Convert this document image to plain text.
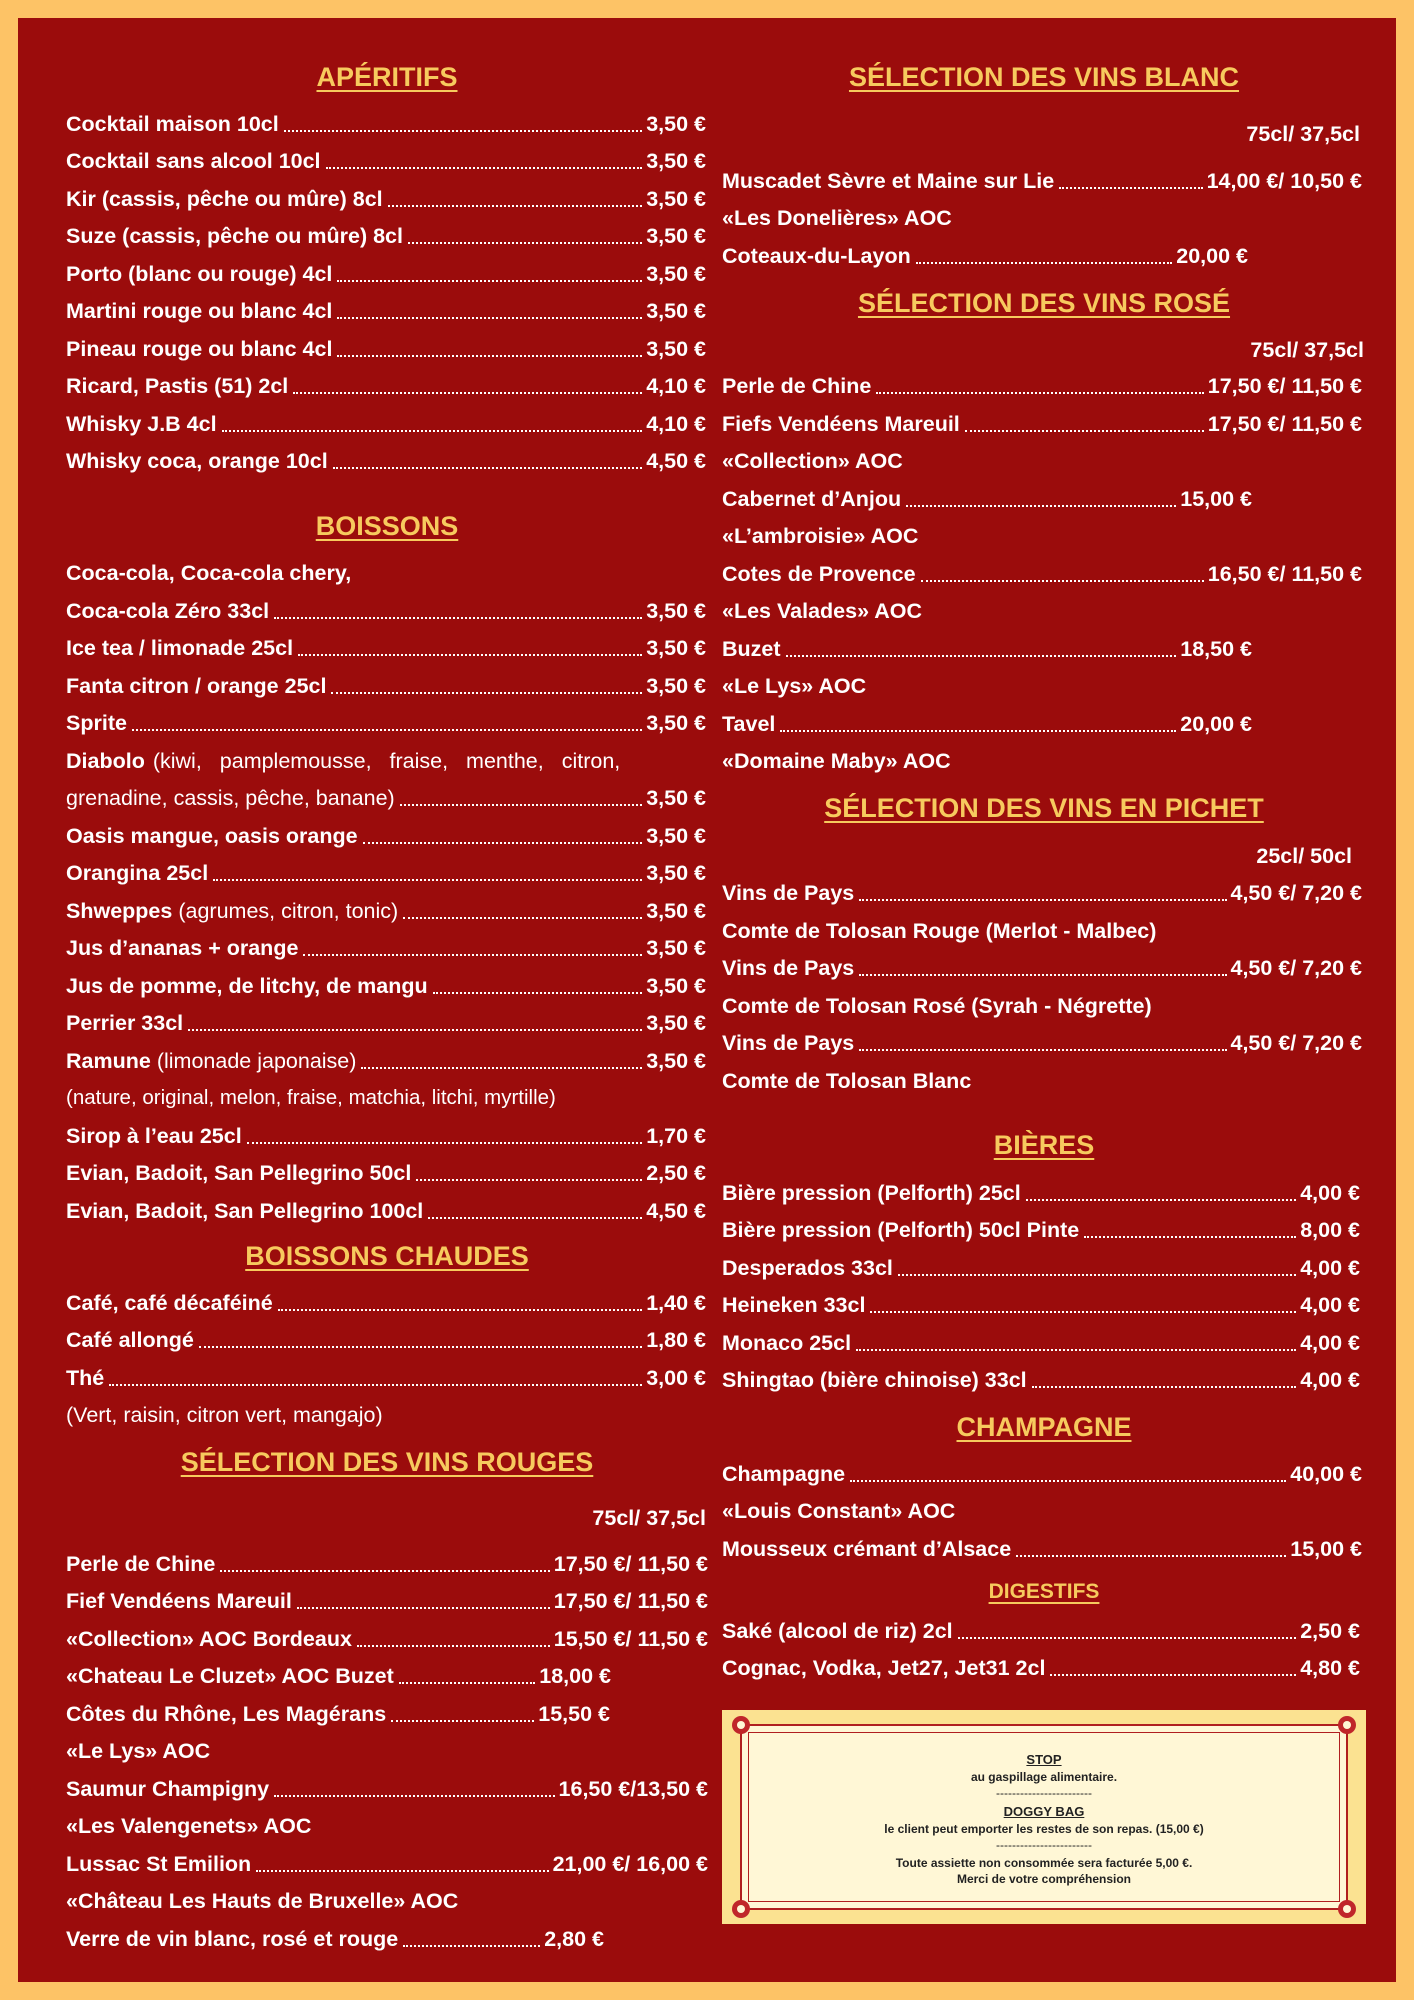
APÉRITIFS
Cocktail maison 10cl	3,50 €
Cocktail sans alcool 10cl	3,50 €
Kir (cassis, pêche ou mûre) 8cl	3,50 €
Suze (cassis, pêche ou mûre) 8cl	3,50 €
Porto (blanc ou rouge) 4cl	3,50 €
Martini rouge ou blanc 4cl	3,50 €
Pineau rouge ou blanc 4cl	3,50 €
Ricard, Pastis (51) 2cl	4,10 €
Whisky J.B 4cl	4,10 €
Whisky coca, orange 10cl	4,50 €
BOISSONS
Coca-cola, Coca-cola chery,
Coca-cola Zéro 33cl	3,50 €
Ice tea / limonade 25cl	3,50 €
Fanta citron / orange 25cl	3,50 €
Sprite	3,50 €
Diabolo (kiwi, pamplemousse, fraise, menthe, citron,
grenadine, cassis, pêche, banane)	3,50 €
Oasis mangue, oasis orange	3,50 €
Orangina 25cl	3,50 €
Shweppes (agrumes, citron, tonic)	3,50 €
Jus d’ananas + orange	3,50 €
Jus de pomme, de litchy, de mangu	3,50 €
Perrier 33cl	3,50 €
Ramune (limonade japonaise)	3,50 €
(nature, original, melon, fraise, matchia, litchi, myrtille)
Sirop à l’eau 25cl	1,70 €
Evian, Badoit, San Pellegrino 50cl	2,50 €
Evian, Badoit, San Pellegrino 100cl	4,50 €
BOISSONS CHAUDES
Café, café décaféiné	1,40 €
Café allongé	1,80 €
Thé	3,00 €
(Vert, raisin, citron vert, mangajo)
SÉLECTION DES VINS ROUGES
75cl/ 37,5cl
Perle de Chine	17,50 €/ 11,50 €
Fief Vendéens Mareuil	17,50 €/ 11,50 €
«Collection» AOC Bordeaux	15,50 €/ 11,50 €
«Chateau Le Cluzet» AOC Buzet	18,00 €
Côtes du Rhône, Les Magérans	15,50 €
«Le Lys» AOC
Saumur Champigny	16,50 €/13,50 €
«Les Valengenets» AOC
Lussac St Emilion	21,00 €/ 16,00 €
«Château Les Hauts de Bruxelle» AOC
Verre de vin blanc, rosé et rouge	2,80 €
SÉLECTION DES VINS BLANC
75cl/ 37,5cl
Muscadet Sèvre et Maine sur Lie	14,00 €/ 10,50 €
«Les Donelières» AOC
Coteaux-du-Layon	20,00 €
SÉLECTION DES VINS ROSÉ
75cl/ 37,5cl
Perle de Chine	17,50 €/ 11,50 €
Fiefs Vendéens Mareuil	17,50 €/ 11,50 €
«Collection» AOC
Cabernet d’Anjou	15,00 €
«L’ambroisie» AOC
Cotes de Provence	16,50 €/ 11,50 €
«Les Valades» AOC
Buzet	18,50 €
«Le Lys» AOC
Tavel	20,00 €
«Domaine Maby» AOC
SÉLECTION DES VINS EN PICHET
25cl/ 50cl
Vins de Pays	4,50 €/ 7,20 €
Comte de Tolosan Rouge (Merlot - Malbec)
Vins de Pays	4,50 €/ 7,20 €
Comte de Tolosan Rosé (Syrah - Négrette)
Vins de Pays	4,50 €/ 7,20 €
Comte de Tolosan Blanc
BIÈRES
Bière pression (Pelforth) 25cl	4,00 €
Bière pression (Pelforth) 50cl Pinte	8,00 €
Desperados 33cl	4,00 €
Heineken 33cl	4,00 €
Monaco 25cl	4,00 €
Shingtao (bière chinoise) 33cl	4,00 €
CHAMPAGNE
Champagne	40,00 €
«Louis Constant» AOC
Mousseux crémant d’Alsace	15,00 €
DIGESTIFS
Saké (alcool de riz) 2cl	2,50 €
Cognac, Vodka, Jet27, Jet31 2cl	4,80 €
STOP
au gaspillage alimentaire.
------------------------
DOGGY BAG
le client peut emporter les restes de son repas. (15,00 €)
------------------------
Toute assiette non consommée sera facturée 5,00 €.
Merci de votre compréhension
